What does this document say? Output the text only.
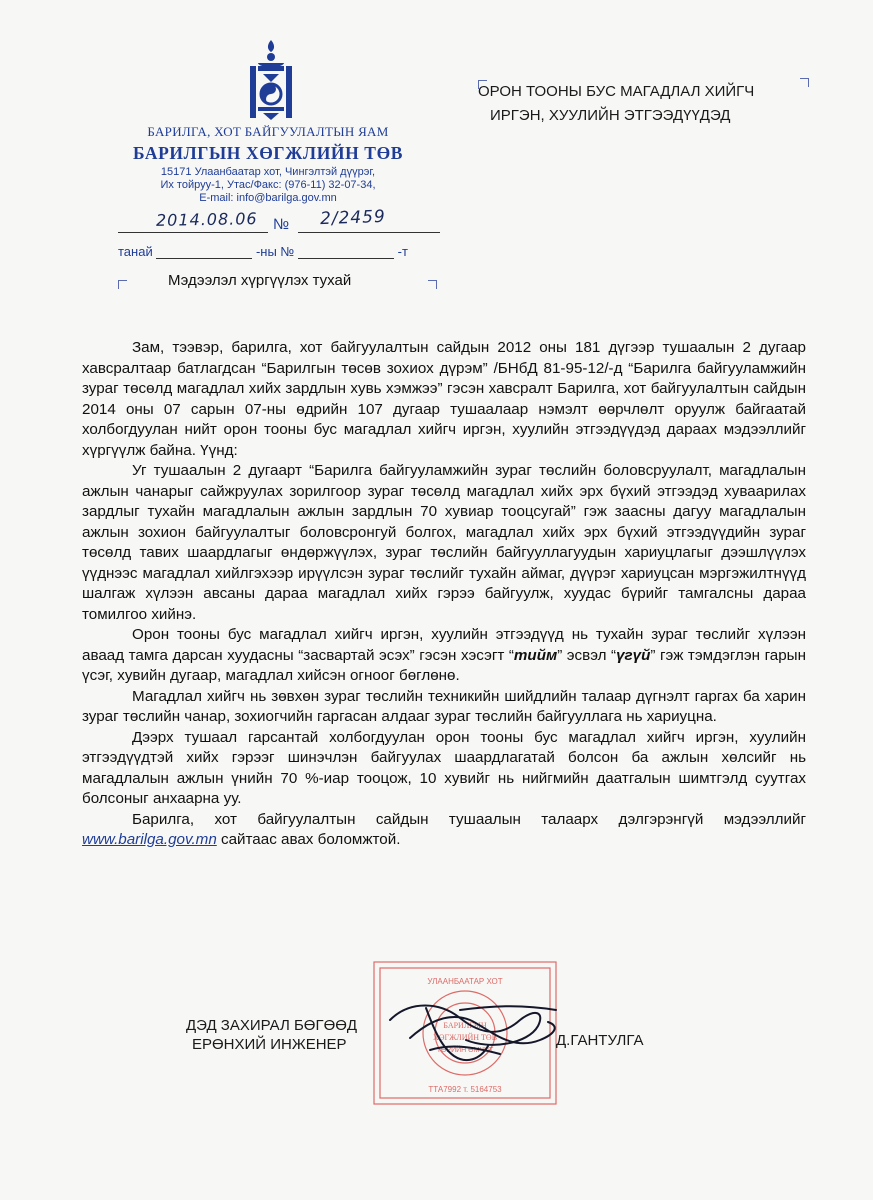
БАРИЛГА, ХОТ БАЙГУУЛАЛТЫН ЯАМ
БАРИЛГЫН ХӨГЖЛИЙН ТӨВ
15171 Улаанбаатар хот, Чингэлтэй дүүрэг,
Их тойруу-1, Утас/Факс: (976-11) 32-07-34,
E-mail: info@barilga.gov.mn
ОРОН ТООНЫ БУС МАГАДЛАЛ ХИЙГЧ
ИРГЭН, ХУУЛИЙН ЭТГЭЭДҮҮДЭД
№
2014.08.06	2/2459
танай	-ны №	-т
Мэдээлэл хүргүүлэх тухай

Зам, тээвэр, барилга, хот байгуулалтын сайдын 2012 оны 181 дүгээр тушаалын 2 дугаар хавсралтаар батлагдсан “Барилгын төсөв зохиох дүрэм” /БНбД 81-95-12/-д “Барилга байгууламжийн зураг төсөлд магадлал хийх зардлын хувь хэмжээ” гэсэн хавсралт Барилга, хот байгуулалтын сайдын 2014 оны 07 сарын 07-ны өдрийн 107 дугаар тушаалаар нэмэлт өөрчлөлт оруулж байгаатай холбогдуулан нийт орон тооны бус магадлал хийгч иргэн, хуулийн этгээдүүдэд дараах мэдээллийг хүргүүлж байна. Үүнд:

Уг тушаалын 2 дугаарт “Барилга байгууламжийн зураг төслийн боловсруулалт, магадлалын ажлын чанарыг сайжруулах зорилгоор зураг төсөлд магадлал хийх эрх бүхий этгээдэд хуваарилах зардлыг тухайн магадлалын ажлын зардлын 70 хувиар тооцсугай” гэж заасны дагуу магадлалын ажлын зохион байгуулалтыг боловсронгуй болгох, магадлал хийх эрх бүхий этгээдүүдийн зураг төсөлд тавих шаардлагыг өндөржүүлэх, зураг төслийн байгууллагуудын хариуцлагыг дээшлүүлэх үүднээс магадлал хийлгэхээр ирүүлсэн зураг төслийг тухайн аймаг, дүүрэг хариуцсан мэргэжилтнүүд шалгаж хүлээн авсаны дараа магадлал хийх гэрээ байгуулж, хуудас бүрийг тамгалсны дараа томилгоо хийнэ.

Орон тооны бус магадлал хийгч иргэн, хуулийн этгээдүүд нь тухайн зураг төслийг хүлээн аваад тамга дарсан хуудасны “засвартай эсэх” гэсэн хэсэгт “тийм” эсвэл “үгүй” гэж тэмдэглэн гарын үсэг, хувийн дугаар, магадлал хийсэн огноог бөглөнө.

Магадлал хийгч нь зөвхөн зураг төслийн техникийн шийдлийн талаар дүгнэлт гаргах ба харин зураг төслийн чанар, зохиогчийн гаргасан алдааг зураг төслийн байгууллага нь хариуцна.

Дээрх тушаал гарсантай холбогдуулан орон тооны бус магадлал хийгч иргэн, хуулийн этгээдүүдтэй хийх гэрээг шинэчлэн байгуулах шаардлагатай болсон ба ажлын хөлсийг нь магадлалын ажлын үнийн 70 %-иар тооцож, 10 хувийг нь нийгмийн даатгалын шимтгэлд суутгах болсоныг анхаарна уу.

Барилга, хот байгуулалтын сайдын тушаалын талаарх дэлгэрэнгүй мэдээллийг www.barilga.gov.mn сайтаас авах боломжтой.

УЛААНБААТАР ХОТ
БАРИЛГЫН
ХӨГЖЛИЙН ТӨВ
ТӨРИЙН ӨМЧИТ
ТТА7992 т. 5164753
ДЭД ЗАХИРАЛ БӨГӨӨД
ЕРӨНХИЙ ИНЖЕНЕР	Д.ГАНТУЛГА
